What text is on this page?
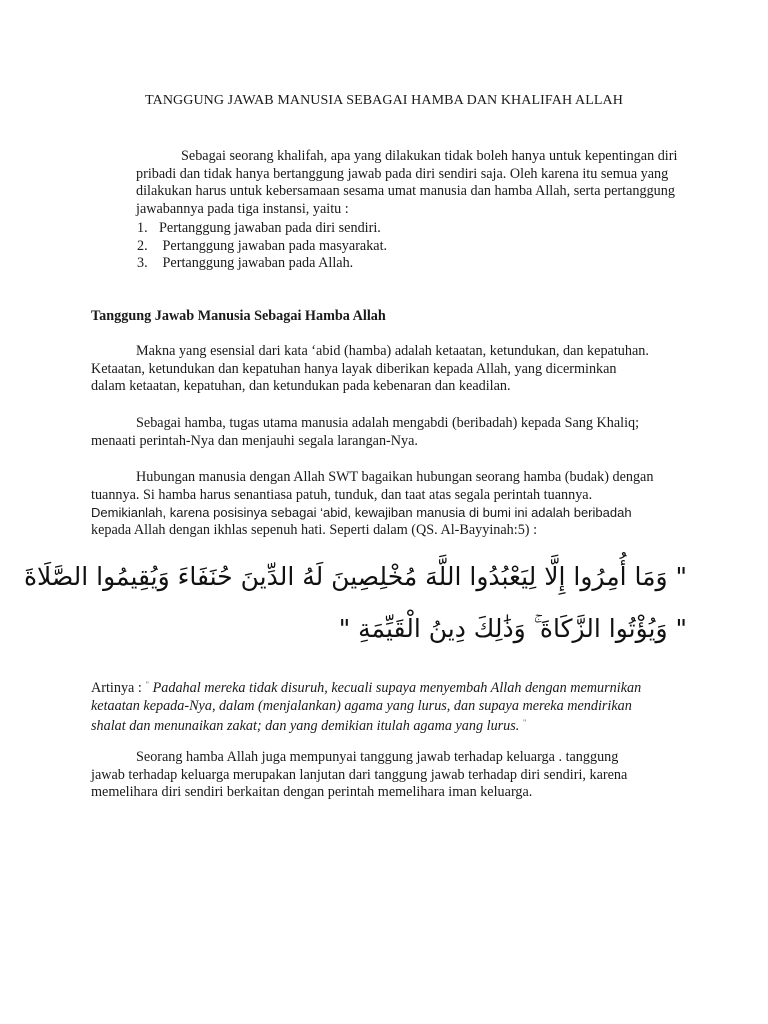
TANGGUNG JAWAB MANUSIA SEBAGAI HAMBA DAN KHALIFAH ALLAH
Sebagai seorang khalifah, apa yang dilakukan tidak boleh hanya untuk kepentingan diri
pribadi dan tidak hanya bertanggung jawab pada diri sendiri saja. Oleh karena itu semua yang
dilakukan harus untuk kebersamaan sesama umat manusia dan hamba Allah, serta pertanggung
jawabannya pada tiga instansi, yaitu :
1. Pertanggung jawaban pada diri sendiri.
2. Pertanggung jawaban pada masyarakat.
3. Pertanggung jawaban pada Allah.
Tanggung Jawab Manusia Sebagai Hamba Allah
Makna yang esensial dari kata ‘abid (hamba) adalah ketaatan, ketundukan, dan kepatuhan.
Ketaatan, ketundukan dan kepatuhan hanya layak diberikan kepada Allah, yang dicerminkan
dalam ketaatan, kepatuhan, dan ketundukan pada kebenaran dan keadilan.
Sebagai hamba, tugas utama manusia adalah mengabdi (beribadah) kepada Sang Khaliq;
menaati perintah-Nya dan menjauhi segala larangan-Nya.
Hubungan manusia dengan Allah SWT bagaikan hubungan seorang hamba (budak) dengan
tuannya. Si hamba harus senantiasa patuh, tunduk, dan taat atas segala perintah tuannya.
Demikianlah, karena posisinya sebagai ‘abid, kewajiban manusia di bumi ini adalah beribadah
kepada Allah dengan ikhlas sepenuh hati. Seperti dalam (QS. Al-Bayyinah:5) :
" وَمَا أُمِرُوا إِلَّا لِيَعْبُدُوا اللَّهَ مُخْلِصِينَ لَهُ الدِّينَ حُنَفَاءَ وَيُقِيمُوا الصَّلَاةَ
" وَيُؤْتُوا الزَّكَاةَ ۚ وَذَٰلِكَ دِينُ الْقَيِّمَةِ "
Artinya : " Padahal mereka tidak disuruh, kecuali supaya menyembah Allah dengan memurnikan
ketaatan kepada-Nya, dalam (menjalankan) agama yang lurus, dan supaya mereka mendirikan
shalat dan menunaikan zakat; dan yang demikian itulah agama yang lurus. "
Seorang hamba Allah juga mempunyai tanggung jawab terhadap keluarga . tanggung
jawab terhadap keluarga merupakan lanjutan dari tanggung jawab terhadap diri sendiri, karena
memelihara diri sendiri berkaitan dengan perintah memelihara iman keluarga.
